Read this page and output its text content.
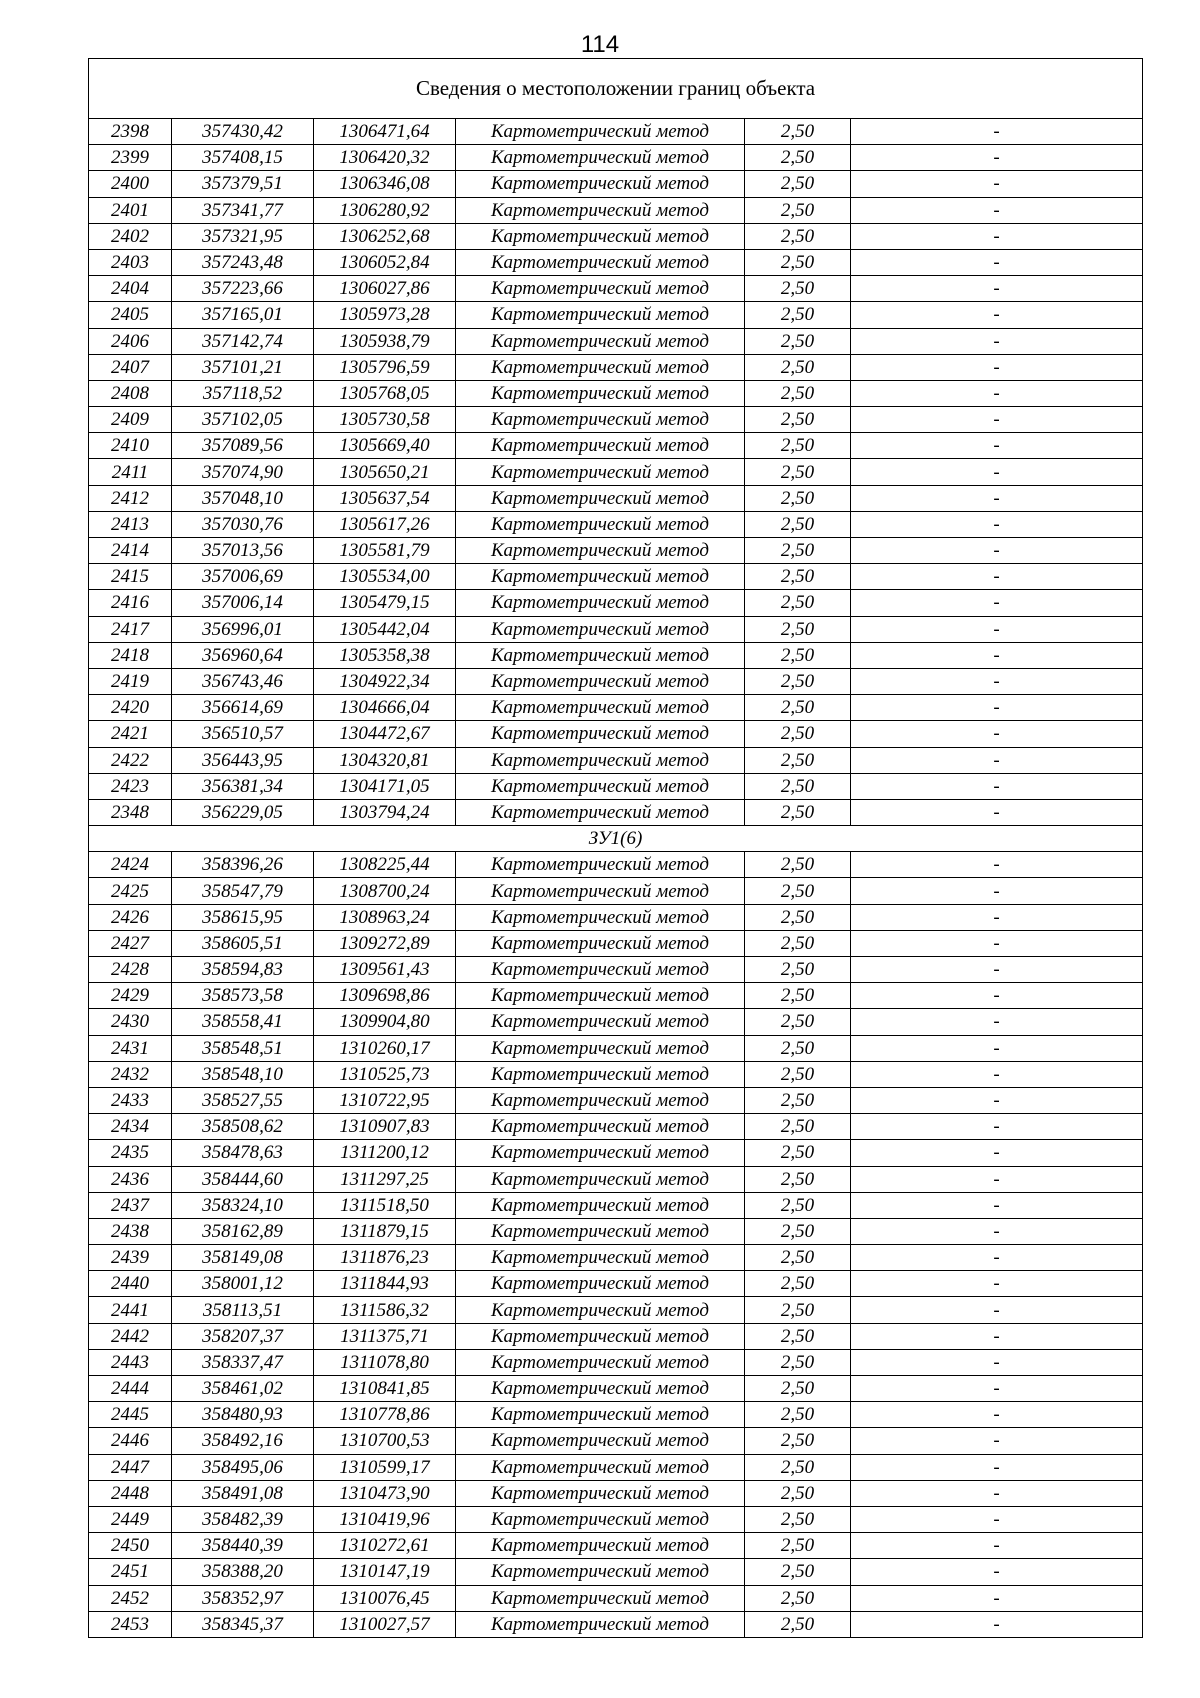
114
Сведения о местоположении границ объекта					
2398	357430,42	1306471,64	Картометрический метод	2,50	-
2399	357408,15	1306420,32	Картометрический метод	2,50	-
2400	357379,51	1306346,08	Картометрический метод	2,50	-
2401	357341,77	1306280,92	Картометрический метод	2,50	-
2402	357321,95	1306252,68	Картометрический метод	2,50	-
2403	357243,48	1306052,84	Картометрический метод	2,50	-
2404	357223,66	1306027,86	Картометрический метод	2,50	-
2405	357165,01	1305973,28	Картометрический метод	2,50	-
2406	357142,74	1305938,79	Картометрический метод	2,50	-
2407	357101,21	1305796,59	Картометрический метод	2,50	-
2408	357118,52	1305768,05	Картометрический метод	2,50	-
2409	357102,05	1305730,58	Картометрический метод	2,50	-
2410	357089,56	1305669,40	Картометрический метод	2,50	-
2411	357074,90	1305650,21	Картометрический метод	2,50	-
2412	357048,10	1305637,54	Картометрический метод	2,50	-
2413	357030,76	1305617,26	Картометрический метод	2,50	-
2414	357013,56	1305581,79	Картометрический метод	2,50	-
2415	357006,69	1305534,00	Картометрический метод	2,50	-
2416	357006,14	1305479,15	Картометрический метод	2,50	-
2417	356996,01	1305442,04	Картометрический метод	2,50	-
2418	356960,64	1305358,38	Картометрический метод	2,50	-
2419	356743,46	1304922,34	Картометрический метод	2,50	-
2420	356614,69	1304666,04	Картометрический метод	2,50	-
2421	356510,57	1304472,67	Картометрический метод	2,50	-
2422	356443,95	1304320,81	Картометрический метод	2,50	-
2423	356381,34	1304171,05	Картометрический метод	2,50	-
2348	356229,05	1303794,24	Картометрический метод	2,50	-
ЗУ1(6)					
2424	358396,26	1308225,44	Картометрический метод	2,50	-
2425	358547,79	1308700,24	Картометрический метод	2,50	-
2426	358615,95	1308963,24	Картометрический метод	2,50	-
2427	358605,51	1309272,89	Картометрический метод	2,50	-
2428	358594,83	1309561,43	Картометрический метод	2,50	-
2429	358573,58	1309698,86	Картометрический метод	2,50	-
2430	358558,41	1309904,80	Картометрический метод	2,50	-
2431	358548,51	1310260,17	Картометрический метод	2,50	-
2432	358548,10	1310525,73	Картометрический метод	2,50	-
2433	358527,55	1310722,95	Картометрический метод	2,50	-
2434	358508,62	1310907,83	Картометрический метод	2,50	-
2435	358478,63	1311200,12	Картометрический метод	2,50	-
2436	358444,60	1311297,25	Картометрический метод	2,50	-
2437	358324,10	1311518,50	Картометрический метод	2,50	-
2438	358162,89	1311879,15	Картометрический метод	2,50	-
2439	358149,08	1311876,23	Картометрический метод	2,50	-
2440	358001,12	1311844,93	Картометрический метод	2,50	-
2441	358113,51	1311586,32	Картометрический метод	2,50	-
2442	358207,37	1311375,71	Картометрический метод	2,50	-
2443	358337,47	1311078,80	Картометрический метод	2,50	-
2444	358461,02	1310841,85	Картометрический метод	2,50	-
2445	358480,93	1310778,86	Картометрический метод	2,50	-
2446	358492,16	1310700,53	Картометрический метод	2,50	-
2447	358495,06	1310599,17	Картометрический метод	2,50	-
2448	358491,08	1310473,90	Картометрический метод	2,50	-
2449	358482,39	1310419,96	Картометрический метод	2,50	-
2450	358440,39	1310272,61	Картометрический метод	2,50	-
2451	358388,20	1310147,19	Картометрический метод	2,50	-
2452	358352,97	1310076,45	Картометрический метод	2,50	-
2453	358345,37	1310027,57	Картометрический метод	2,50	-
